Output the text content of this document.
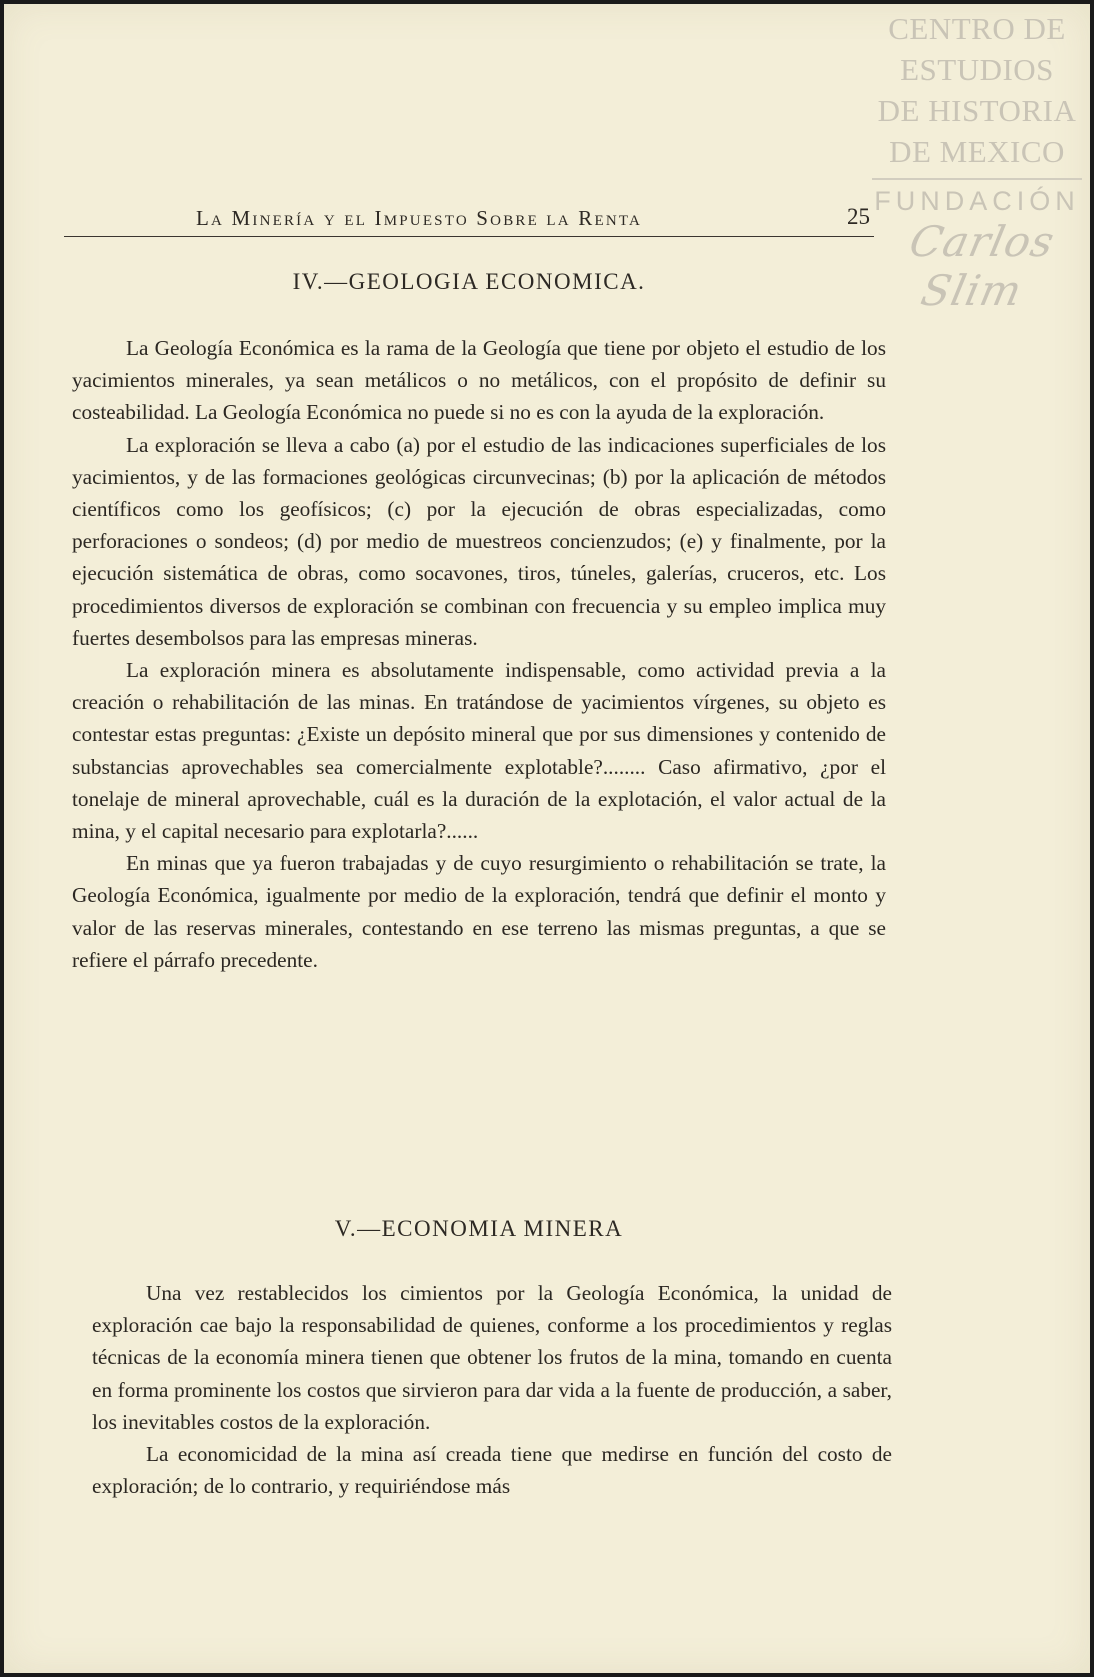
CENTRO DE
ESTUDIOS
DE HISTORIA
DE MEXICO
FUNDACIÓN
Carlos Slim
La Minería y el Impuesto Sobre la Renta	25
IV.—GEOLOGIA ECONOMICA.

La Geología Económica es la rama de la Geología que tiene por objeto el estudio de los yacimientos minerales, ya sean metálicos o no metálicos, con el propósito de definir su costeabilidad. La Geología Económica no puede si no es con la ayuda de la exploración.

La exploración se lleva a cabo (a) por el estudio de las indicaciones superficiales de los yacimientos, y de las formaciones geológicas circunvecinas; (b) por la aplicación de métodos científicos como los geofísicos; (c) por la ejecución de obras especializadas, como perforaciones o sondeos; (d) por medio de muestreos concienzudos; (e) y finalmente, por la ejecución sistemática de obras, como socavones, tiros, túneles, galerías, cruceros, etc. Los procedimientos diversos de exploración se combinan con frecuencia y su empleo implica muy fuertes desembolsos para las empresas mineras.

La exploración minera es absolutamente indispensable, como actividad previa a la creación o rehabilitación de las minas. En tratándose de yacimientos vírgenes, su objeto es contestar estas preguntas: ¿Existe un depósito mineral que por sus dimensiones y contenido de substancias aprovechables sea comercialmente explotable?........ Caso afirmativo, ¿por el tonelaje de mineral aprovechable, cuál es la duración de la explotación, el valor actual de la mina, y el capital necesario para explotarla?......

En minas que ya fueron trabajadas y de cuyo resurgimiento o rehabilitación se trate, la Geología Económica, igualmente por medio de la exploración, tendrá que definir el monto y valor de las reservas minerales, contestando en ese terreno las mismas preguntas, a que se refiere el párrafo precedente.

V.—ECONOMIA MINERA

Una vez restablecidos los cimientos por la Geología Económica, la unidad de exploración cae bajo la responsabilidad de quienes, conforme a los procedimientos y reglas técnicas de la economía minera tienen que obtener los frutos de la mina, tomando en cuenta en forma prominente los costos que sirvieron para dar vida a la fuente de producción, a saber, los inevitables costos de la exploración.

La economicidad de la mina así creada tiene que medirse en función del costo de exploración; de lo contrario, y requiriéndose más
